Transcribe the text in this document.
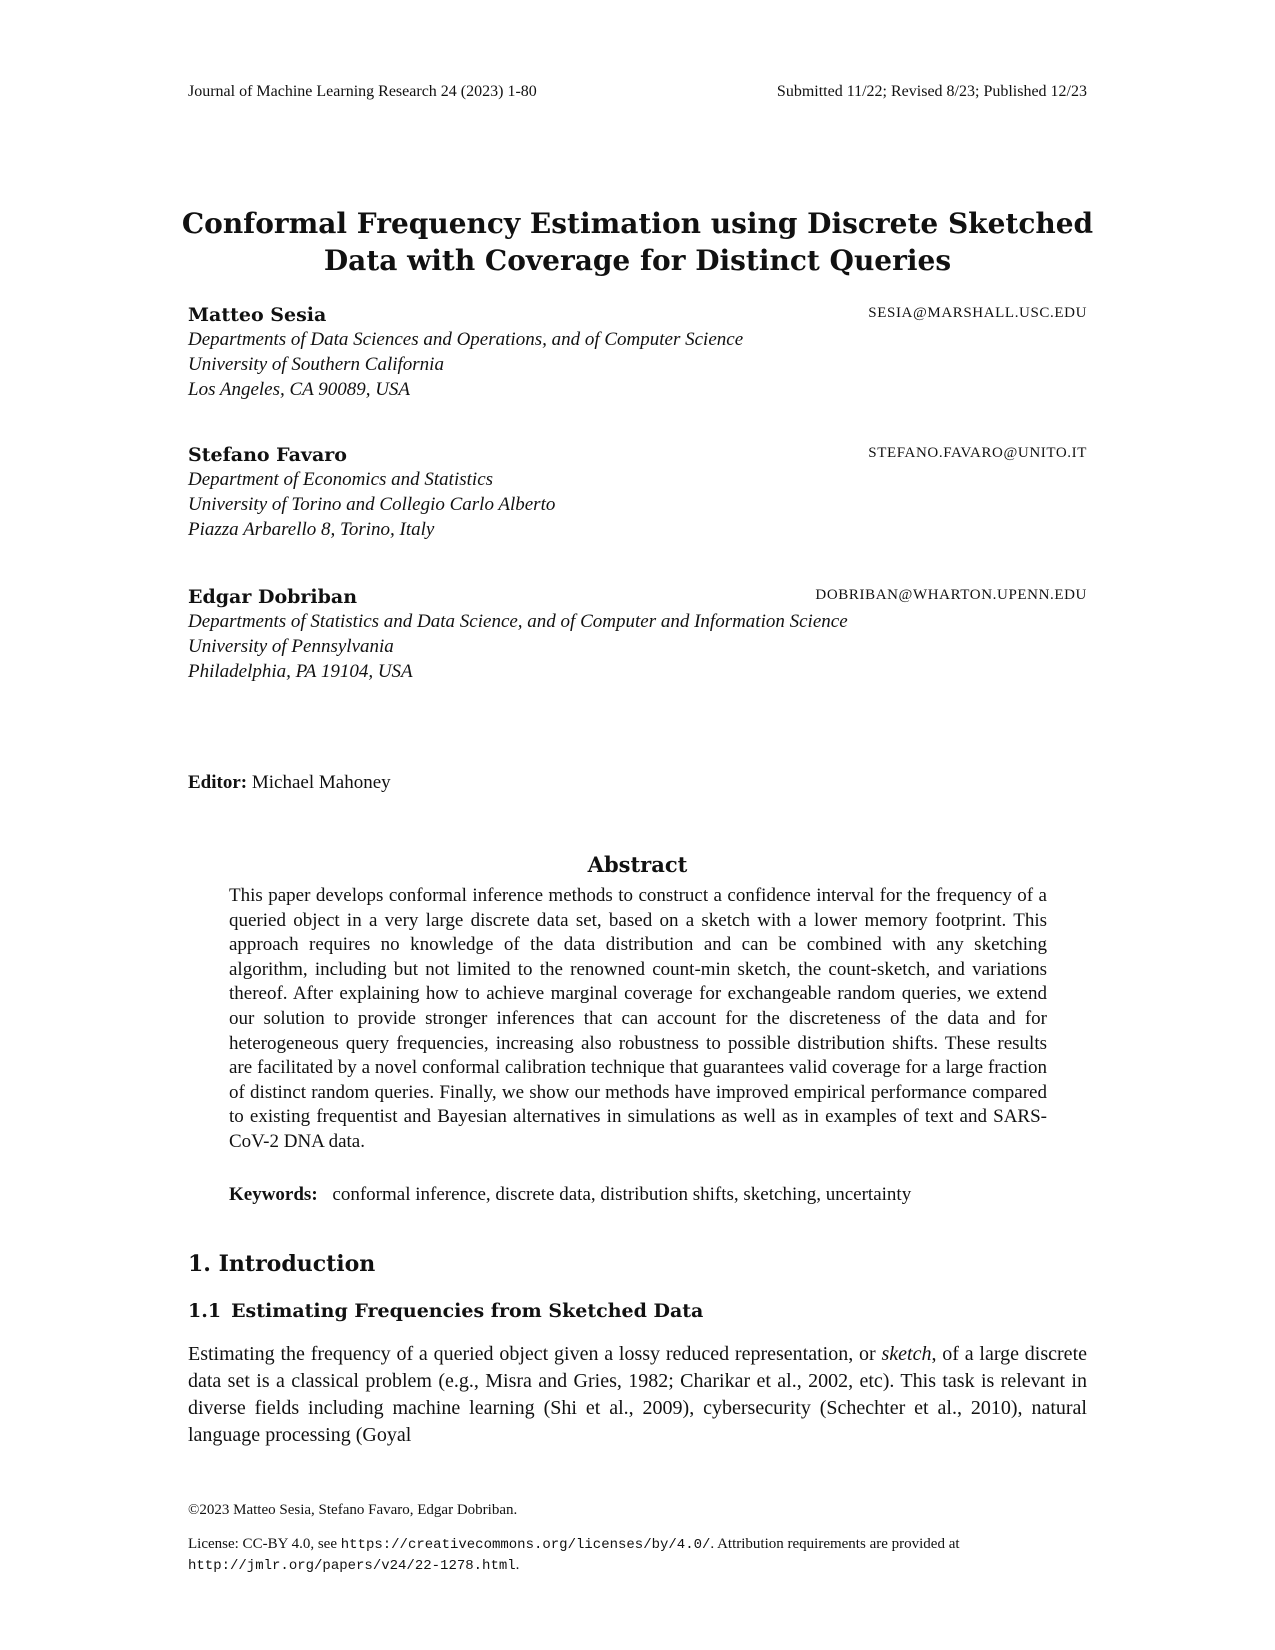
Journal of Machine Learning Research 24 (2023) 1-80	Submitted 11/22; Revised 8/23; Published 12/23
Conformal Frequency Estimation using Discrete Sketched
Data with Coverage for Distinct Queries
Matteo Sesia	SESIA@MARSHALL.USC.EDU
Departments of Data Sciences and Operations, and of Computer Science
University of Southern California
Los Angeles, CA 90089, USA
Stefano Favaro	STEFANO.FAVARO@UNITO.IT
Department of Economics and Statistics
University of Torino and Collegio Carlo Alberto
Piazza Arbarello 8, Torino, Italy
Edgar Dobriban	DOBRIBAN@WHARTON.UPENN.EDU
Departments of Statistics and Data Science, and of Computer and Information Science
University of Pennsylvania
Philadelphia, PA 19104, USA
Editor: Michael Mahoney
Abstract

This paper develops conformal inference methods to construct a confidence interval for the frequency of a queried object in a very large discrete data set, based on a sketch with a lower memory footprint. This approach requires no knowledge of the data distribution and can be combined with any sketching algorithm, including but not limited to the renowned count-min sketch, the count-sketch, and variations thereof. After explaining how to achieve marginal coverage for exchangeable random queries, we extend our solution to provide stronger inferences that can account for the discreteness of the data and for heterogeneous query frequencies, increasing also robustness to possible distribution shifts. These results are facilitated by a novel conformal calibration technique that guarantees valid coverage for a large fraction of distinct random queries. Finally, we show our methods have improved empirical performance compared to existing frequentist and Bayesian alternatives in simulations as well as in examples of text and SARS-CoV-2 DNA data.

Keywords: conformal inference, discrete data, distribution shifts, sketching, uncertainty
1. Introduction
1.1 Estimating Frequencies from Sketched Data

Estimating the frequency of a queried object given a lossy reduced representation, or sketch, of a large discrete data set is a classical problem (e.g., Misra and Gries, 1982; Charikar et al., 2002, etc). This task is relevant in diverse fields including machine learning (Shi et al., 2009), cybersecurity (Schechter et al., 2010), natural language processing (Goyal

©2023 Matteo Sesia, Stefano Favaro, Edgar Dobriban.

License: CC-BY 4.0, see https://creativecommons.org/licenses/by/4.0/. Attribution requirements are provided at http://jmlr.org/papers/v24/22-1278.html.
